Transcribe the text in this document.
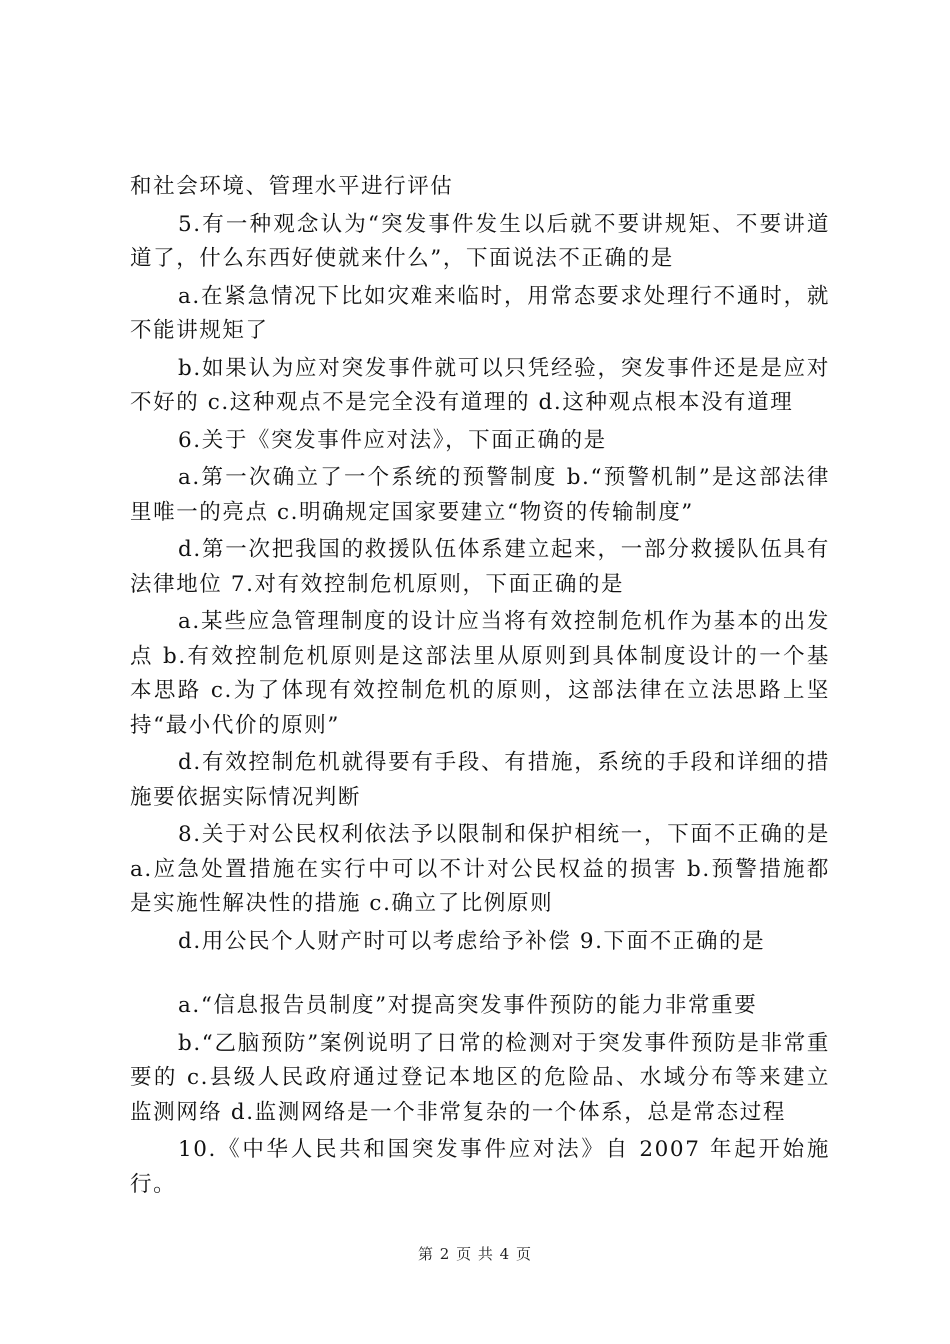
和社会环境、管理水平进行评估

5.有一种观念认为“突发事件发生以后就不要讲规矩、不要讲道道了，什么东西好使就来什么”，下面说法不正确的是

a.在紧急情况下比如灾难来临时，用常态要求处理行不通时，就不能讲规矩了

b.如果认为应对突发事件就可以只凭经验，突发事件还是是应对不好的 c.这种观点不是完全没有道理的 d.这种观点根本没有道理

6.关于《突发事件应对法》，下面正确的是

a.第一次确立了一个系统的预警制度 b.“预警机制”是这部法律里唯一的亮点 c.明确规定国家要建立“物资的传输制度”

d.第一次把我国的救援队伍体系建立起来，一部分救援队伍具有法律地位 7.对有效控制危机原则，下面正确的是

a.某些应急管理制度的设计应当将有效控制危机作为基本的出发点 b.有效控制危机原则是这部法里从原则到具体制度设计的一个基本思路 c.为了体现有效控制危机的原则，这部法律在立法思路上坚持“最小代价的原则”

d.有效控制危机就得要有手段、有措施，系统的手段和详细的措施要依据实际情况判断

8.关于对公民权利依法予以限制和保护相统一，下面不正确的是 a.应急处置措施在实行中可以不计对公民权益的损害 b.预警措施都是实施性解决性的措施 c.确立了比例原则

d.用公民个人财产时可以考虑给予补偿 9.下面不正确的是

a.“信息报告员制度”对提高突发事件预防的能力非常重要

b.“乙脑预防”案例说明了日常的检测对于突发事件预防是非常重要的 c.县级人民政府通过登记本地区的危险品、水域分布等来建立监测网络 d.监测网络是一个非常复杂的一个体系，总是常态过程

10.《中华人民共和国突发事件应对法》自 2007 年起开始施行。

第 2 页 共 4 页
